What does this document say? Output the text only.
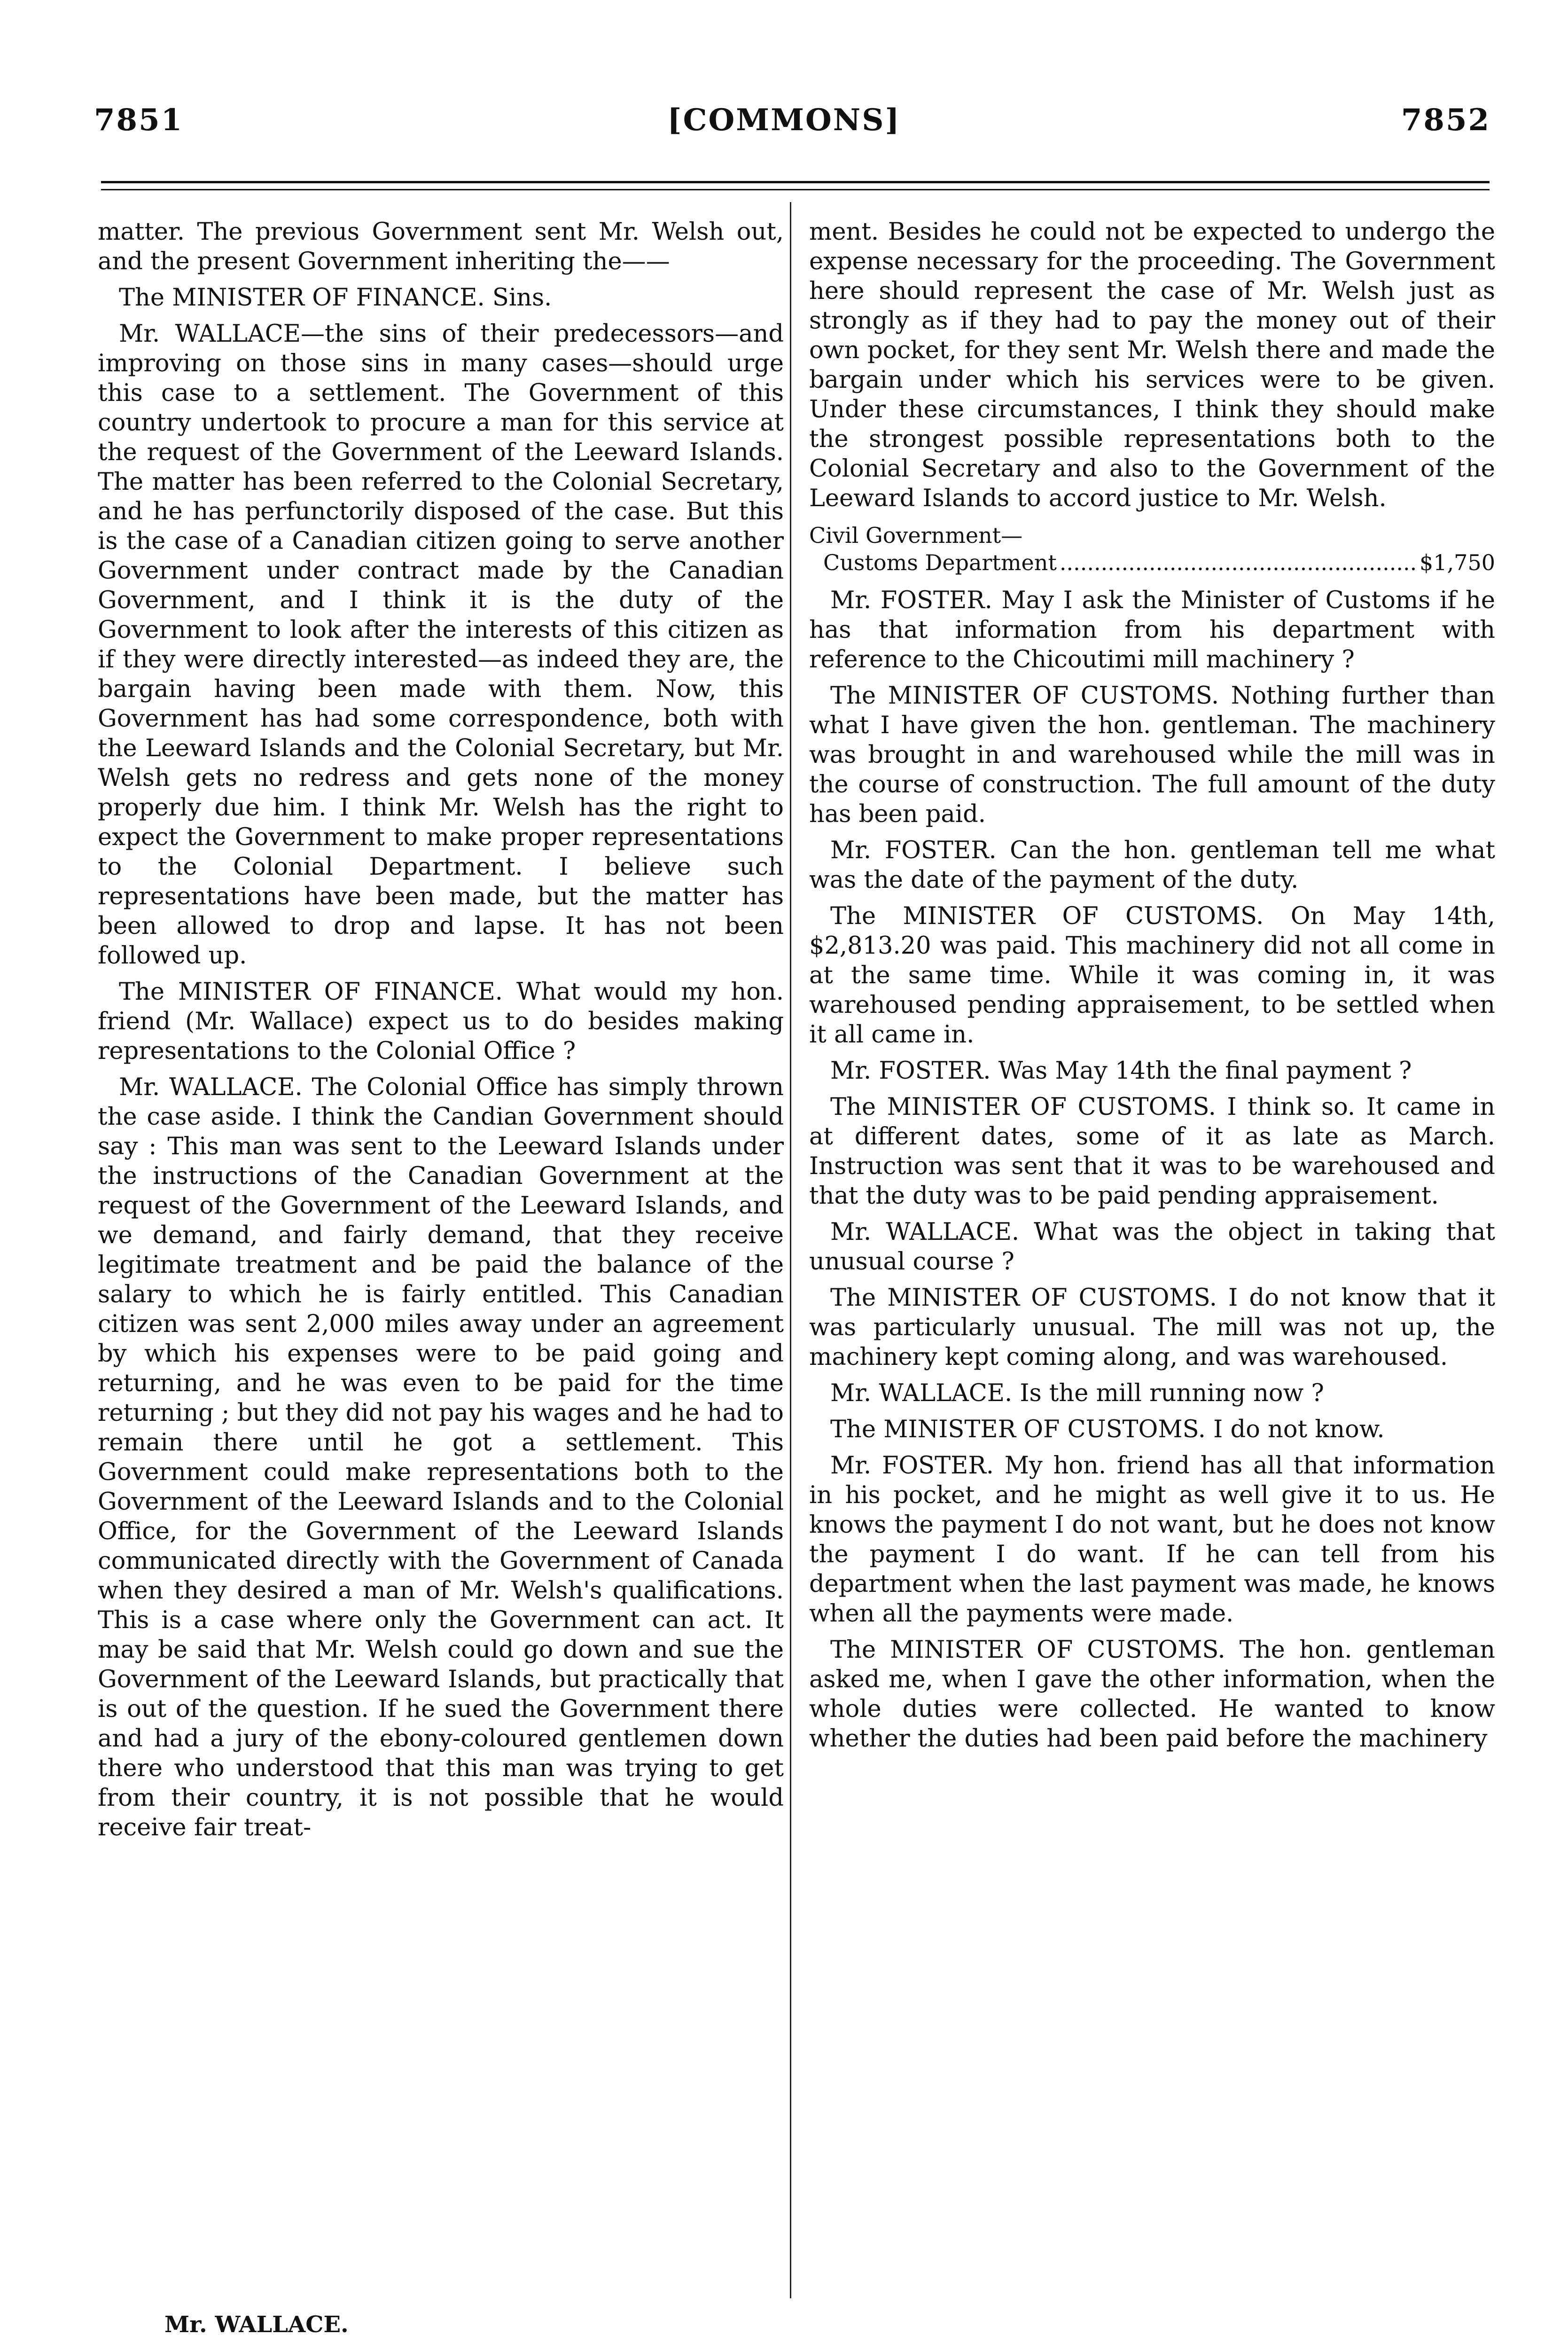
[COMMONS]
7851	7852

matter. The previous Government sent Mr. Welsh out, and the present Government inheriting the——

The MINISTER OF FINANCE. Sins.

Mr. WALLACE—the sins of their predecessors—and improving on those sins in many cases—should urge this case to a settlement. The Government of this country undertook to procure a man for this service at the request of the Government of the Leeward Islands. The matter has been referred to the Colonial Secretary, and he has perfunctorily disposed of the case. But this is the case of a Canadian citizen going to serve another Government under contract made by the Canadian Government, and I think it is the duty of the Government to look after the interests of this citizen as if they were directly interested—as indeed they are, the bargain having been made with them. Now, this Government has had some correspondence, both with the Leeward Islands and the Colonial Secretary, but Mr. Welsh gets no redress and gets none of the money properly due him. I think Mr. Welsh has the right to expect the Government to make proper representations to the Colonial Department. I believe such representations have been made, but the matter has been allowed to drop and lapse. It has not been followed up.

The MINISTER OF FINANCE. What would my hon. friend (Mr. Wallace) expect us to do besides making representations to the Colonial Office ?

Mr. WALLACE. The Colonial Office has simply thrown the case aside. I think the Candian Government should say : This man was sent to the Leeward Islands under the instructions of the Canadian Government at the request of the Government of the Leeward Islands, and we demand, and fairly demand, that they receive legitimate treatment and be paid the balance of the salary to which he is fairly entitled. This Canadian citizen was sent 2,000 miles away under an agreement by which his expenses were to be paid going and returning, and he was even to be paid for the time returning ; but they did not pay his wages and he had to remain there until he got a settlement. This Government could make representations both to the Government of the Leeward Islands and to the Colonial Office, for the Government of the Leeward Islands communicated directly with the Government of Canada when they desired a man of Mr. Welsh's qualifications. This is a case where only the Government can act. It may be said that Mr. Welsh could go down and sue the Government of the Leeward Islands, but practically that is out of the question. If he sued the Government there and had a jury of the ebony-coloured gentlemen down there who understood that this man was trying to get from their country, it is not possible that he would receive fair treat-

Mr. WALLACE.

ment. Besides he could not be expected to undergo the expense necessary for the proceeding. The Government here should represent the case of Mr. Welsh just as strongly as if they had to pay the money out of their own pocket, for they sent Mr. Welsh there and made the bargain under which his services were to be given. Under these circumstances, I think they should make the strongest possible representations both to the Colonial Secretary and also to the Government of the Leeward Islands to accord justice to Mr. Welsh.

Civil Government—
Customs Department
.....	$1,750

Mr. FOSTER. May I ask the Minister of Customs if he has that information from his department with reference to the Chicoutimi mill machinery ?

The MINISTER OF CUSTOMS. Nothing further than what I have given the hon. gentleman. The machinery was brought in and warehoused while the mill was in the course of construction. The full amount of the duty has been paid.

Mr. FOSTER. Can the hon. gentleman tell me what was the date of the payment of the duty.

The MINISTER OF CUSTOMS. On May 14th, $2,813.20 was paid. This machinery did not all come in at the same time. While it was coming in, it was warehoused pending appraisement, to be settled when it all came in.

Mr. FOSTER. Was May 14th the final payment ?

The MINISTER OF CUSTOMS. I think so. It came in at different dates, some of it as late as March. Instruction was sent that it was to be warehoused and that the duty was to be paid pending appraisement.

Mr. WALLACE. What was the object in taking that unusual course ?

The MINISTER OF CUSTOMS. I do not know that it was particularly unusual. The mill was not up, the machinery kept coming along, and was warehoused.

Mr. WALLACE. Is the mill running now ?

The MINISTER OF CUSTOMS. I do not know.

Mr. FOSTER. My hon. friend has all that information in his pocket, and he might as well give it to us. He knows the payment I do not want, but he does not know the payment I do want. If he can tell from his department when the last payment was made, he knows when all the payments were made.

The MINISTER OF CUSTOMS. The hon. gentleman asked me, when I gave the other information, when the whole duties were collected. He wanted to know whether the duties had been paid before the machinery
